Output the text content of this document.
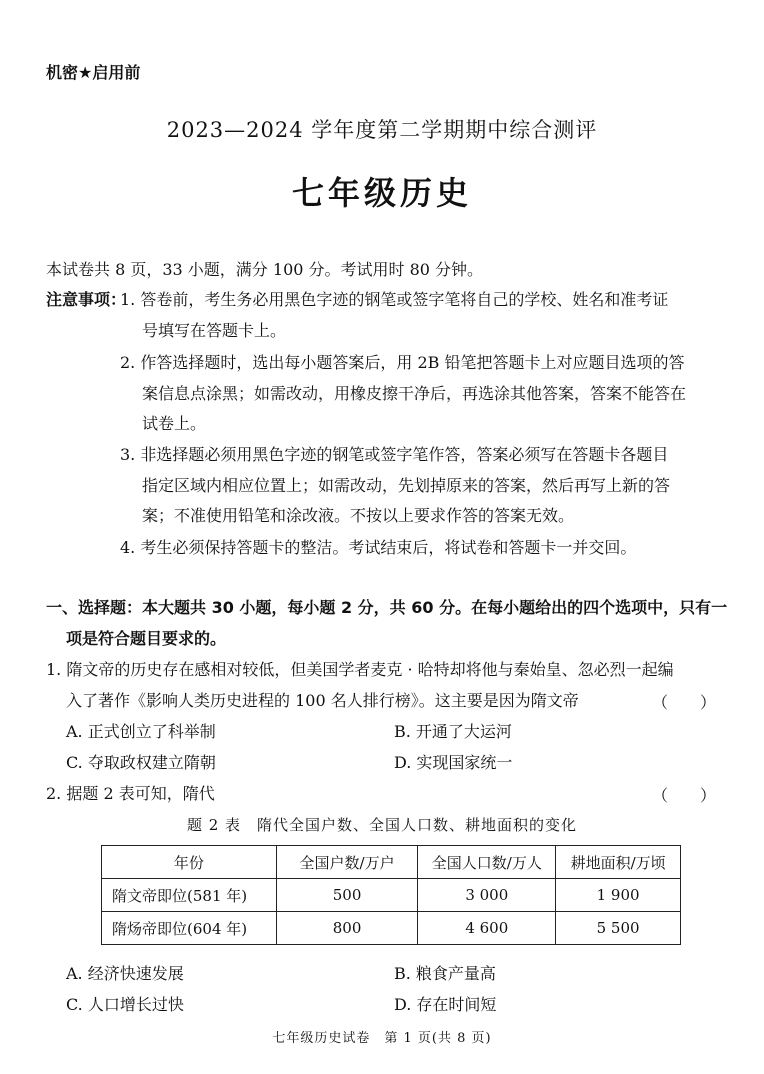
机密★启用前
2023—2024 学年度第二学期期中综合测评
七年级历史
本试卷共 8 页，33 小题，满分 100 分。考试用时 80 分钟。
注意事项：
1. 答卷前，考生务必用黑色字迹的钢笔或签字笔将自己的学校、姓名和准考证
号填写在答题卡上。
2. 作答选择题时，选出每小题答案后，用 2B 铅笔把答题卡上对应题目选项的答
案信息点涂黑；如需改动，用橡皮擦干净后，再选涂其他答案，答案不能答在
试卷上。
3. 非选择题必须用黑色字迹的钢笔或签字笔作答，答案必须写在答题卡各题目
指定区域内相应位置上；如需改动，先划掉原来的答案，然后再写上新的答
案；不准使用铅笔和涂改液。不按以上要求作答的答案无效。
4. 考生必须保持答题卡的整洁。考试结束后，将试卷和答题卡一并交回。
一、选择题：本大题共 30 小题，每小题 2 分，共 60 分。在每小题给出的四个选项中，只有一
项是符合题目要求的。
1. 隋文帝的历史存在感相对较低，但美国学者麦克 · 哈特却将他与秦始皇、忽必烈一起编
入了著作《影响人类历史进程的 100 名人排行榜》。这主要是因为隋文帝	（　　）
A. 正式创立了科举制	B. 开通了大运河
C. 夺取政权建立隋朝	D. 实现国家统一
2. 据题 2 表可知，隋代	（　　）
题 2 表　隋代全国户数、全国人口数、耕地面积的变化
年份	全国户数/万户	全国人口数/万人	耕地面积/万顷
隋文帝即位(581 年)	500	3 000	1 900
隋炀帝即位(604 年)	800	4 600	5 500
A. 经济快速发展	B. 粮食产量高
C. 人口增长过快	D. 存在时间短
七年级历史试卷　第 1 页(共 8 页)
